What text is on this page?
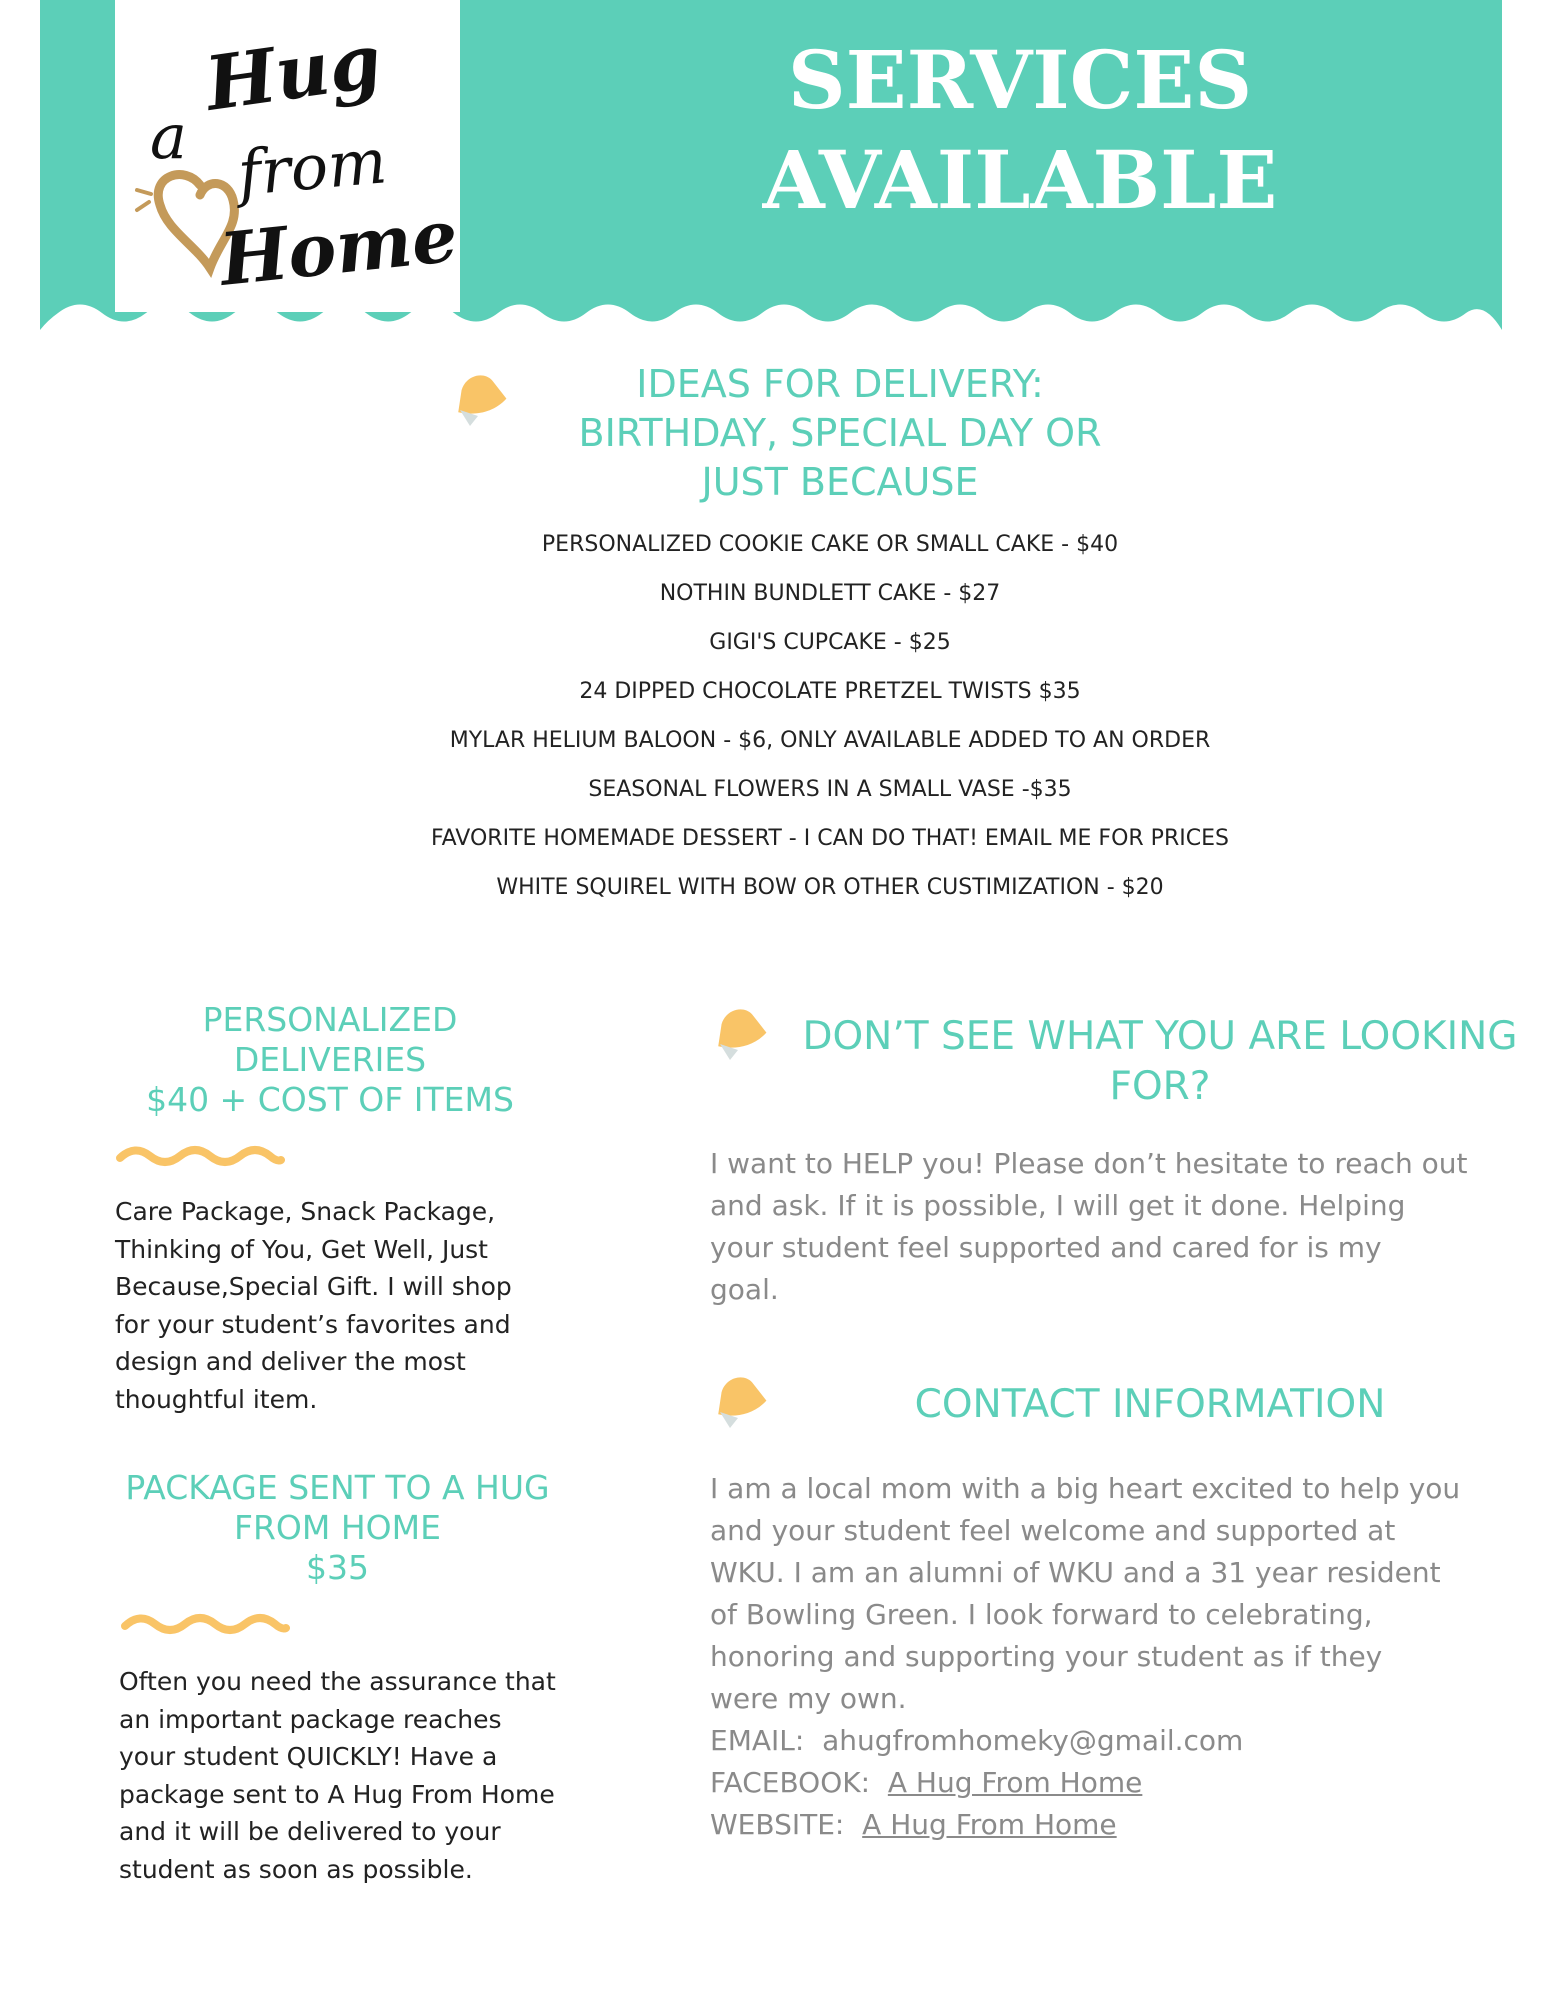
a
Hug
from
Home
SERVICES
AVAILABLE
IDEAS FOR DELIVERY:
BIRTHDAY, SPECIAL DAY OR
JUST BECAUSE
PERSONALIZED COOKIE CAKE OR SMALL CAKE - $40
NOTHIN BUNDLETT CAKE - $27
GIGI'S CUPCAKE - $25
24 DIPPED CHOCOLATE PRETZEL TWISTS $35
MYLAR HELIUM BALOON - $6, ONLY AVAILABLE ADDED TO AN ORDER
SEASONAL FLOWERS IN A SMALL VASE -$35
FAVORITE HOMEMADE DESSERT - I CAN DO THAT! EMAIL ME FOR PRICES
WHITE SQUIREL WITH BOW OR OTHER CUSTIMIZATION - $20
PERSONALIZED
DELIVERIES
$40 + COST OF ITEMS

Care Package, Snack Package,
Thinking of You, Get Well, Just
Because,Special Gift. I will shop
for your student’s favorites and
design and deliver the most
thoughtful item.

PACKAGE SENT TO A HUG
FROM HOME
$35

Often you need the assurance that
an important package reaches
your student QUICKLY! Have a
package sent to A Hug From Home
and it will be delivered to your
student as soon as possible.

DON’T SEE WHAT YOU ARE LOOKING
FOR?

I want to HELP you! Please don’t hesitate to reach out
and ask. If it is possible, I will get it done. Helping
your student feel supported and cared for is my
goal.

CONTACT INFORMATION

I am a local mom with a big heart excited to help you
and your student feel welcome and supported at
WKU. I am an alumni of WKU and a 31 year resident
of Bowling Green. I look forward to celebrating,
honoring and supporting your student as if they
were my own.

EMAIL: ahugfromhomeky@gmail.com

FACEBOOK: A Hug From Home

WEBSITE: A Hug From Home
